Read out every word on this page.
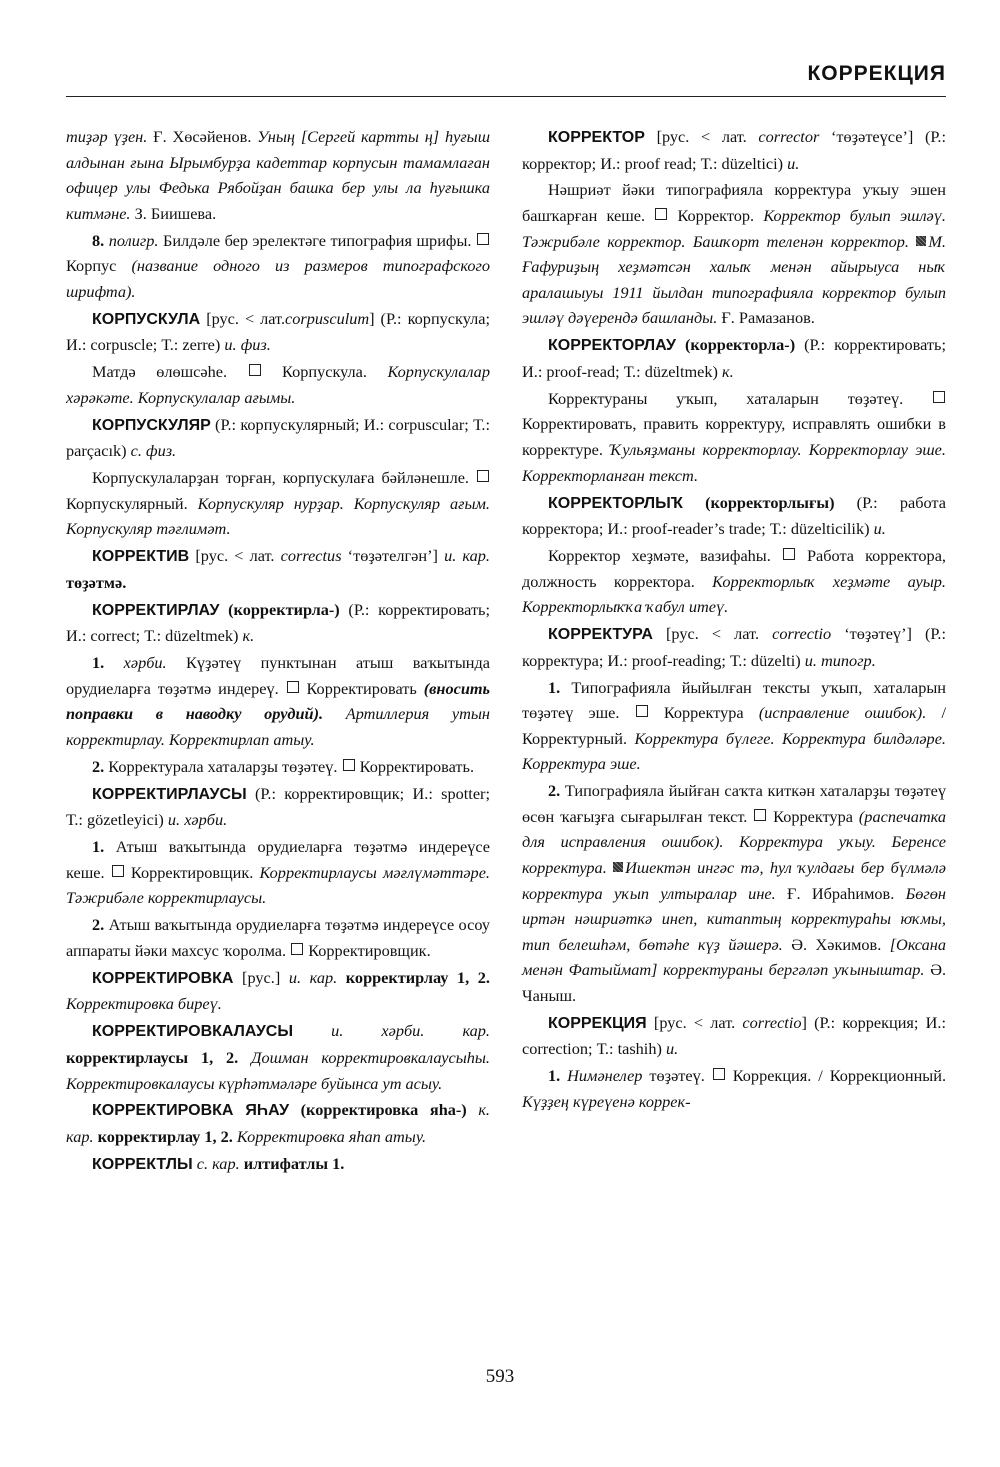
КОРРЕКЦИЯ

тиҙәр үҙен. Ғ. Хөсәйенов. Уның [Сергей картты ң] һуғыш алдынан ғына Ырымбурҙа кадеттар корпусын тамамлаған офицер улы Федька Рябойҙан башка бер улы ла һуғышка китмәне. З. Биишева.

8. полигр. Билдәле бер эрелектәге типография шрифы.  Корпус (название одного из размеров типографского шрифта).

КОРПУСКУЛА [рус. < лат.corpusculum] (Р.: корпускула; И.: corpuscle; Т.: zerre) и. физ.

Матдә өлөшсәһе.	Корпускула. Корпускулалар хәрәкәте. Корпускулалар ағымы.

КОРПУСКУЛЯР (Р.: корпускулярный; И.: corpuscular; Т.: parçacık) с. физ.

Корпускулаларҙан торған, корпускулаға бәйләнешле.  Корпускулярный. Корпускуляр нурҙар. Корпускуляр ағым. Корпускуляр тәғлимәт.

КОРРЕКТИВ [рус. < лат. correctus ‘төҙәтелгән’] и. кар. төҙәтмә.

КОРРЕКТИРЛАУ (корректирла-) (Р.: корректировать; И.: correct; Т.: düzeltmek) к.

1. хәрби. Күҙәтеү пунктынан атыш ваҡытында орудиеларға төҙәтмә индереү. Корректировать (вносить поправки в наводку орудий). Артиллерия утын корректирлау. Корректирлап атыу.

2. Корректурала хаталарҙы төҙәтеү. Корректировать.

КОРРЕКТИРЛАУСЫ (Р.: корректировщик; И.: spotter; Т.: gözetleyici) и. хәрби.

1. Атыш ваҡытында орудиеларға төҙәтмә индереүсе кеше. Корректировщик. Корректирлаусы мәғлүмәттәре. Тәжрибәле корректирлаусы.

2. Атыш ваҡытында орудиеларға төҙәтмә индереүсе осоу аппараты йәки махсус ҡоролма. Корректировщик.

КОРРЕКТИРОВКА [рус.] и. кар. корректирлау 1, 2. Корректировка биреү.

КОРРЕКТИРОВКАЛАУСЫ и. хәрби. кар. корректирлаусы 1, 2. Дошман корректировкалаусыһы. Корректировкалаусы күрһәтмәләре буйынса ут асыу.

КОРРЕКТИРОВКА ЯҺАУ (корректировка яһа-) к. кар. корректирлау 1, 2. Корректировка яһап атыу.

КОРРЕКТЛЫ с. кар. илтифатлы 1.

КОРРЕКТОР [рус. < лат. corrector ‘төҙәтеүсе’] (Р.: корректор; И.: proof read; Т.: düzeltici) и.

Нәшриәт йәки типографияла корректура уҡыу эшен башҡарған кеше. Корректор. Корректор булып эшләү. Тәжрибәле корректор. Башҡорт теленән корректор. М. Ғафуриҙың хеҙмәтсән халыҡ менән айырыуса ныҡ аралашыуы 1911 йылдан типографияла корректор булып эшләү дәүерендә башланды. Ғ. Рамазанов.

КОРРЕКТОРЛАУ (корректорла-) (Р.: корректировать; И.: proof-read; Т.: düzeltmek) к.

Корректураны уҡып, хаталарын төҙәтеү.  Корректировать, править корректуру, исправлять ошибки в корректуре. Ҡульяҙманы корректорлау. Корректорлау эше. Корректорланған текст.

КОРРЕКТОРЛЫҠ (корректорлығы) (Р.: работа корректора; И.: proof-reader’s trade; Т.: düzelticilik) и.

Корректор хеҙмәте, вазифаһы. Работа корректора, должность корректора. Корректорлыҡ хеҙмәте ауыр. Корректорлыҡҡа ҡабул итеү.

КОРРЕКТУРА [рус. < лат. correctio ‘төҙәтеү’] (Р.: корректура; И.: proof-reading; Т.: düzelti) и. типогр.

1. Типографияла йыйылған тексты уҡып, хаталарын төҙәтеү эше.	Корректура (исправление ошибок). / Корректурный. Корректура бүлеге. Корректура билдәләре. Корректура эше.

2. Типографияла йыйған саҡта киткән хаталарҙы төҙәтеү өсөн ҡағыҙға сығарылған текст. Корректура (распечатка для исправления ошибок). Корректура уҡыу. Беренсе корректура. Ишектән ингәс тә, һул ҡулдағы бер бүлмәлә корректура уҡып ултыралар ине. Ғ. Ибраһимов. Бөгөн иртән нәшриәткә инеп, китаптың корректураһы юҡмы, тип белешһәм, бөтәһе күҙ йәшерә. Ә. Хәкимов. [Оксана менән Фатыймат] корректураны бергәләп уҡыныштар. Ә. Чаныш.

КОРРЕКЦИЯ [рус. < лат. correctio] (Р.: коррекция; И.: correction; Т.: tashih) и.

1. Нимәнелер төҙәтеү. Коррекция. / Коррекционный. Күҙҙең күреүенә коррек-

593
